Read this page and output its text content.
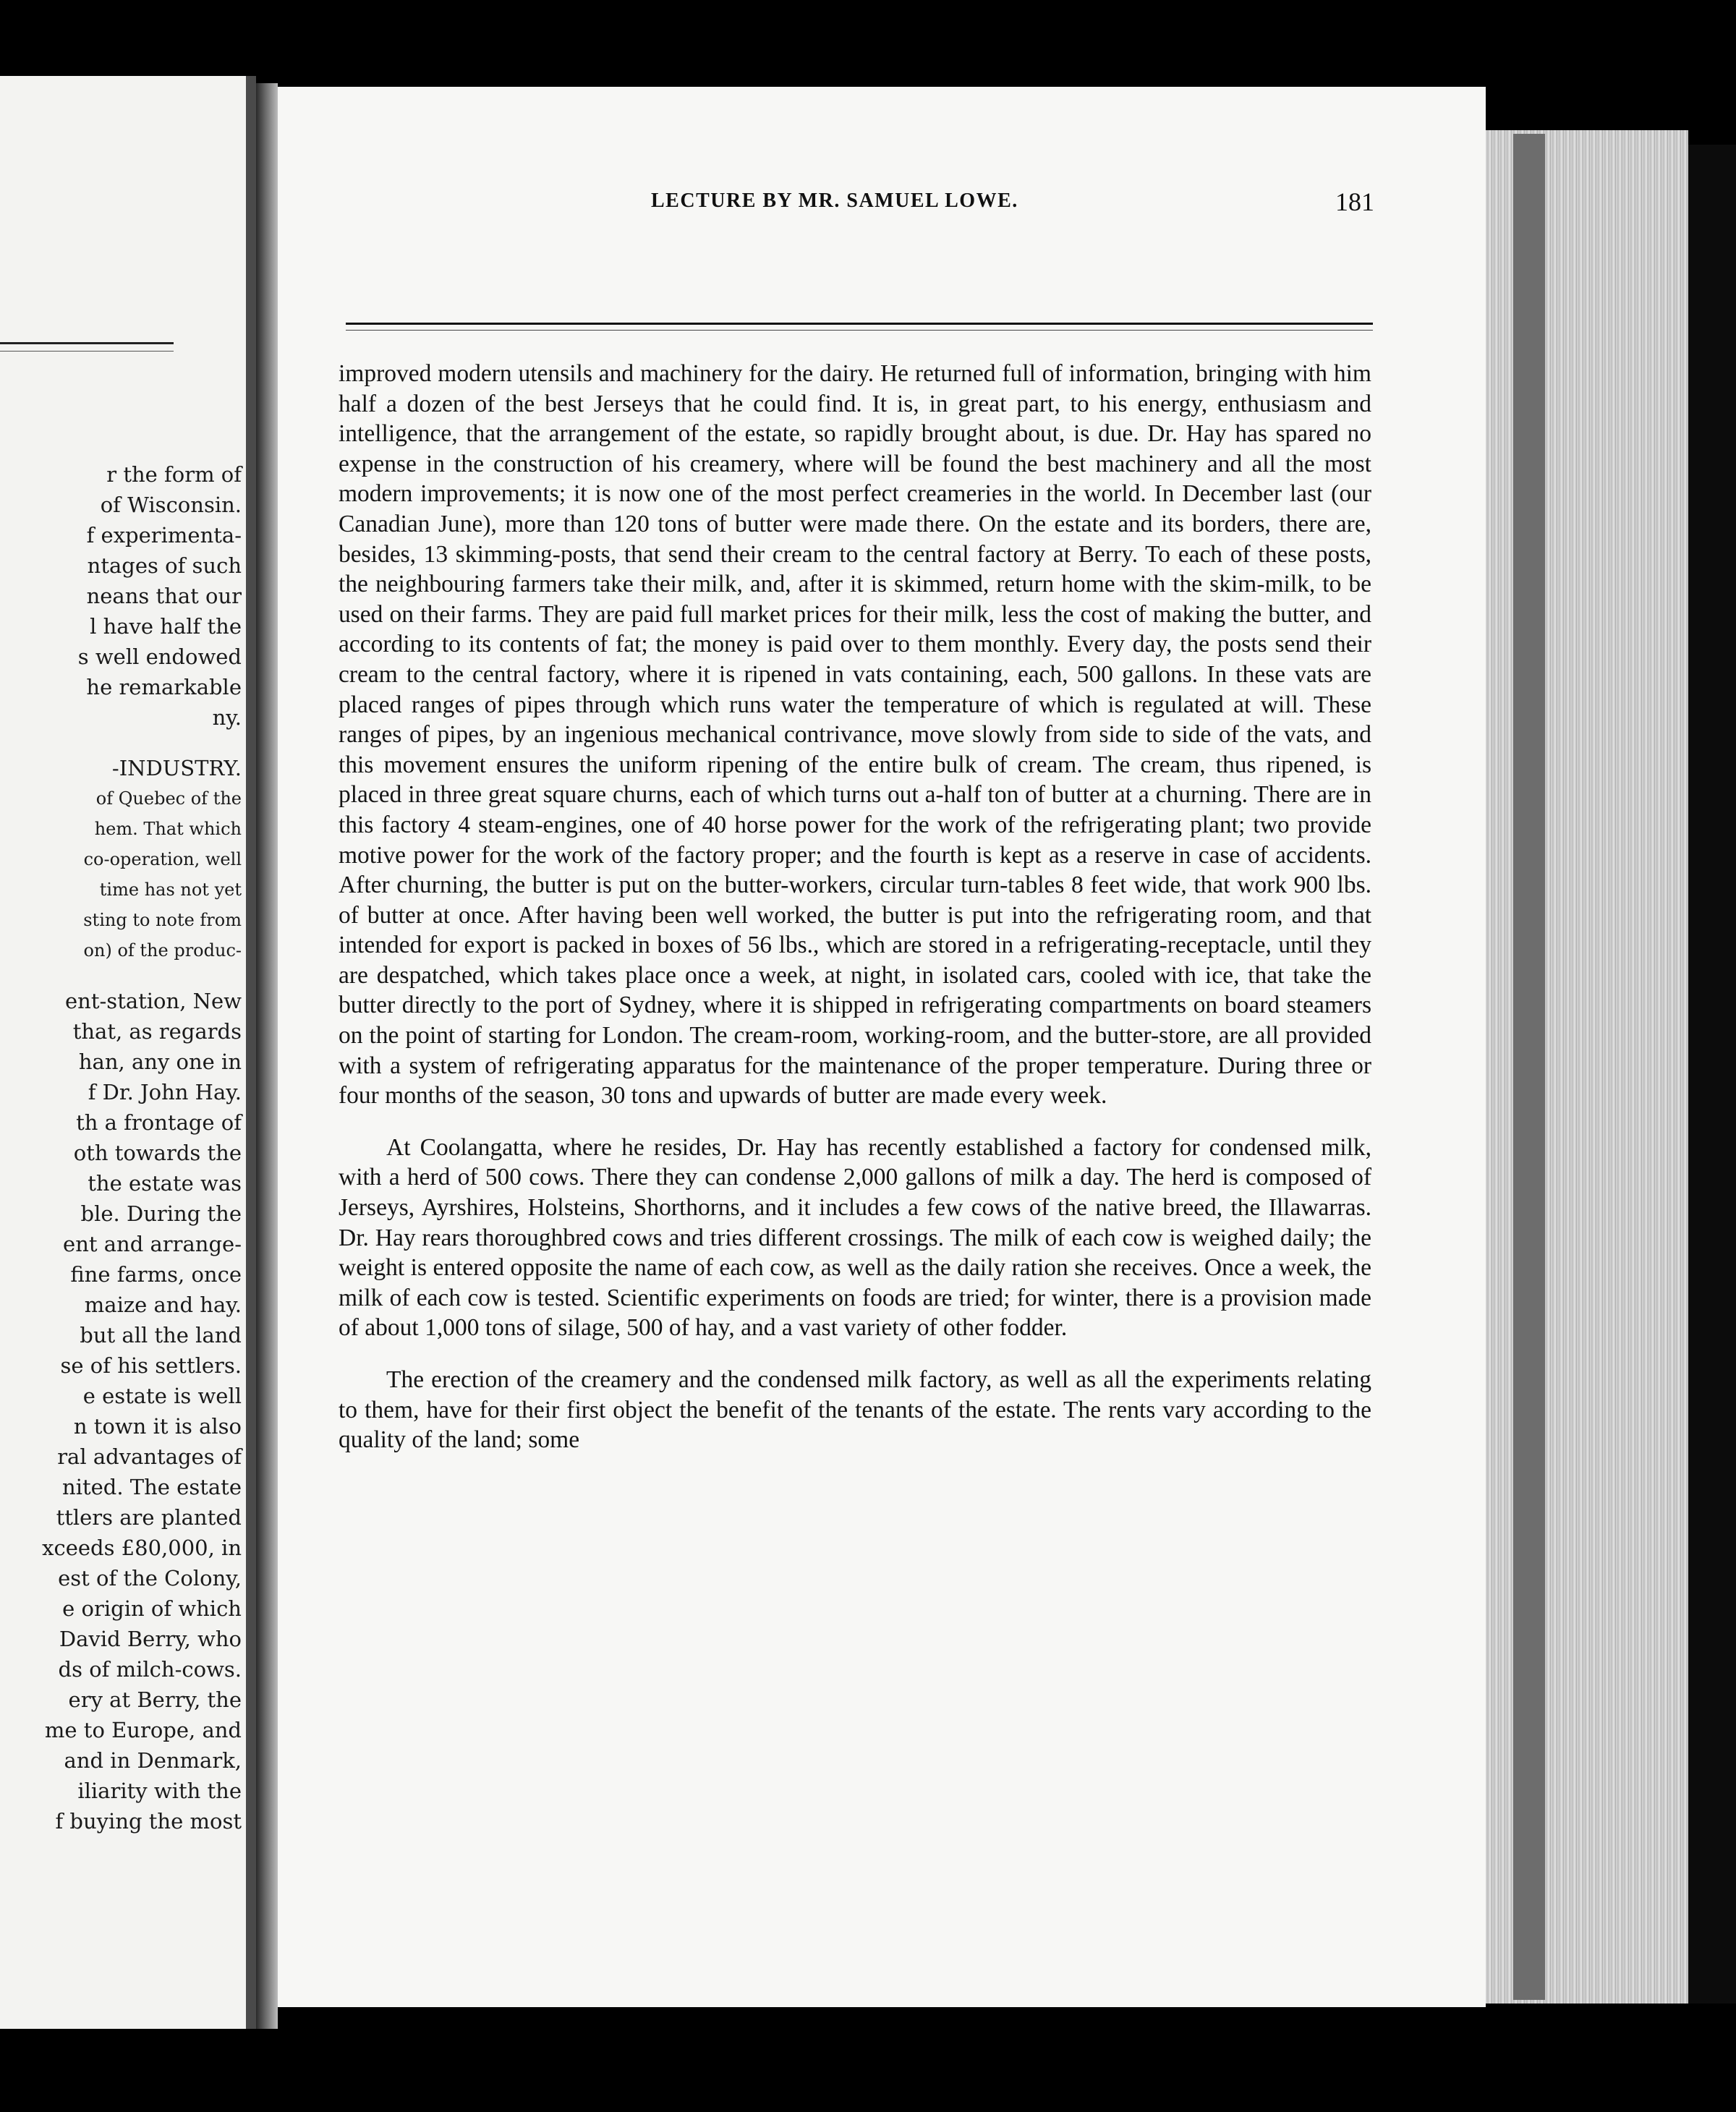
r the form of
of Wisconsin.
f experimenta-
ntages of such
neans that our
l have half the
s well endowed
he remarkable
ny.
-INDUSTRY.
of Quebec of the
hem. That which
co-operation, well
time has not yet
sting to note from
on) of the produc-
ent-station, New
that, as regards
han, any one in
f Dr. John Hay.
th a frontage of
oth towards the
the estate was
ble. During the
ent and arrange-
fine farms, once
maize and hay.
but all the land
se of his settlers.
e estate is well
n town it is also
ral advantages of
nited. The estate
ttlers are planted
xceeds £80,000, in
est of the Colony,
e origin of which
David Berry, who
ds of milch-cows.
ery at Berry, the
me to Europe, and
and in Denmark,
iliarity with the
f buying the most
LECTURE BY MR. SAMUEL LOWE.	181

improved modern utensils and machinery for the dairy. He returned full of information, bringing with him half a dozen of the best Jerseys that he could find. It is, in great part, to his energy, enthusiasm and intelligence, that the arrangement of the estate, so rapidly brought about, is due. Dr. Hay has spared no expense in the construction of his creamery, where will be found the best machinery and all the most modern improvements; it is now one of the most perfect creameries in the world. In December last (our Canadian June), more than 120 tons of butter were made there. On the estate and its borders, there are, besides, 13 skimming-posts, that send their cream to the central factory at Berry. To each of these posts, the neighbouring farmers take their milk, and, after it is skimmed, return home with the skim-milk, to be used on their farms. They are paid full market prices for their milk, less the cost of making the butter, and according to its contents of fat; the money is paid over to them monthly. Every day, the posts send their cream to the central factory, where it is ripened in vats containing, each, 500 gallons. In these vats are placed ranges of pipes through which runs water the temperature of which is regulated at will. These ranges of pipes, by an ingenious mechanical contrivance, move slowly from side to side of the vats, and this movement ensures the uniform ripening of the entire bulk of cream. The cream, thus ripened, is placed in three great square churns, each of which turns out a-half ton of butter at a churning. There are in this factory 4 steam-engines, one of 40 horse power for the work of the refrigerating plant; two provide motive power for the work of the factory proper; and the fourth is kept as a reserve in case of accidents. After churning, the butter is put on the butter-workers, circular turn-tables 8 feet wide, that work 900 lbs. of butter at once. After having been well worked, the butter is put into the refrigerating room, and that intended for export is packed in boxes of 56 lbs., which are stored in a refrigerating-receptacle, until they are despatched, which takes place once a week, at night, in isolated cars, cooled with ice, that take the butter directly to the port of Sydney, where it is shipped in refrigerating compartments on board steamers on the point of starting for London. The cream-room, working-room, and the butter-store, are all provided with a system of refrigerating apparatus for the maintenance of the proper temperature. During three or four months of the season, 30 tons and upwards of butter are made every week.

At Coolangatta, where he resides, Dr. Hay has recently established a factory for condensed milk, with a herd of 500 cows. There they can condense 2,000 gallons of milk a day. The herd is composed of Jerseys, Ayrshires, Holsteins, Shorthorns, and it includes a few cows of the native breed, the Illawarras. Dr. Hay rears thoroughbred cows and tries different crossings. The milk of each cow is weighed daily; the weight is entered opposite the name of each cow, as well as the daily ration she receives. Once a week, the milk of each cow is tested. Scientific experiments on foods are tried; for winter, there is a provision made of about 1,000 tons of silage, 500 of hay, and a vast variety of other fodder.

The erection of the creamery and the condensed milk factory, as well as all the experiments relating to them, have for their first object the benefit of the tenants of the estate. The rents vary according to the quality of the land; some
